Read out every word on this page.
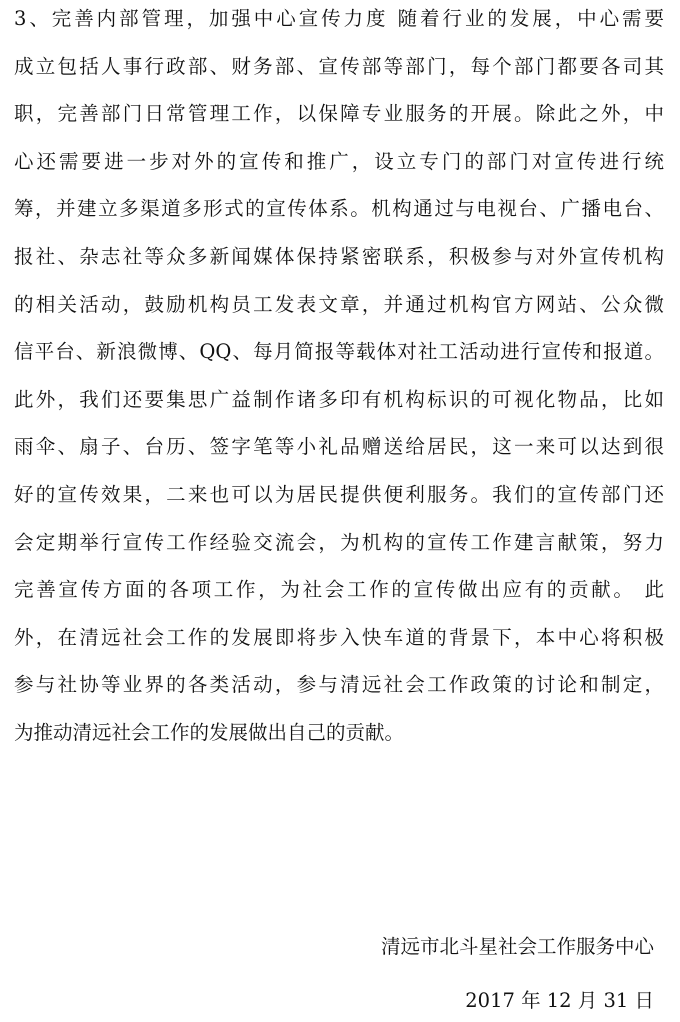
3、完善内部管理，加强中心宣传力度 随着行业的发展，中心需要
成立包括人事行政部、财务部、宣传部等部门，每个部门都要各司其
职，完善部门日常管理工作，以保障专业服务的开展。除此之外，中
心还需要进一步对外的宣传和推广，设立专门的部门对宣传进行统
筹，并建立多渠道多形式的宣传体系。机构通过与电视台、广播电台、
报社、杂志社等众多新闻媒体保持紧密联系，积极参与对外宣传机构
的相关活动，鼓励机构员工发表文章，并通过机构官方网站、公众微
信平台、新浪微博、QQ、每月简报等载体对社工活动进行宣传和报道。
此外，我们还要集思广益制作诸多印有机构标识的可视化物品，比如
雨伞、扇子、台历、签字笔等小礼品赠送给居民，这一来可以达到很
好的宣传效果，二来也可以为居民提供便利服务。我们的宣传部门还
会定期举行宣传工作经验交流会，为机构的宣传工作建言献策，努力
完善宣传方面的各项工作，为社会工作的宣传做出应有的贡献。 此
外，在清远社会工作的发展即将步入快车道的背景下，本中心将积极
参与社协等业界的各类活动，参与清远社会工作政策的讨论和制定，
为推动清远社会工作的发展做出自己的贡献。

清远市北斗星社会工作服务中心

2017 年 12 月 31 日
